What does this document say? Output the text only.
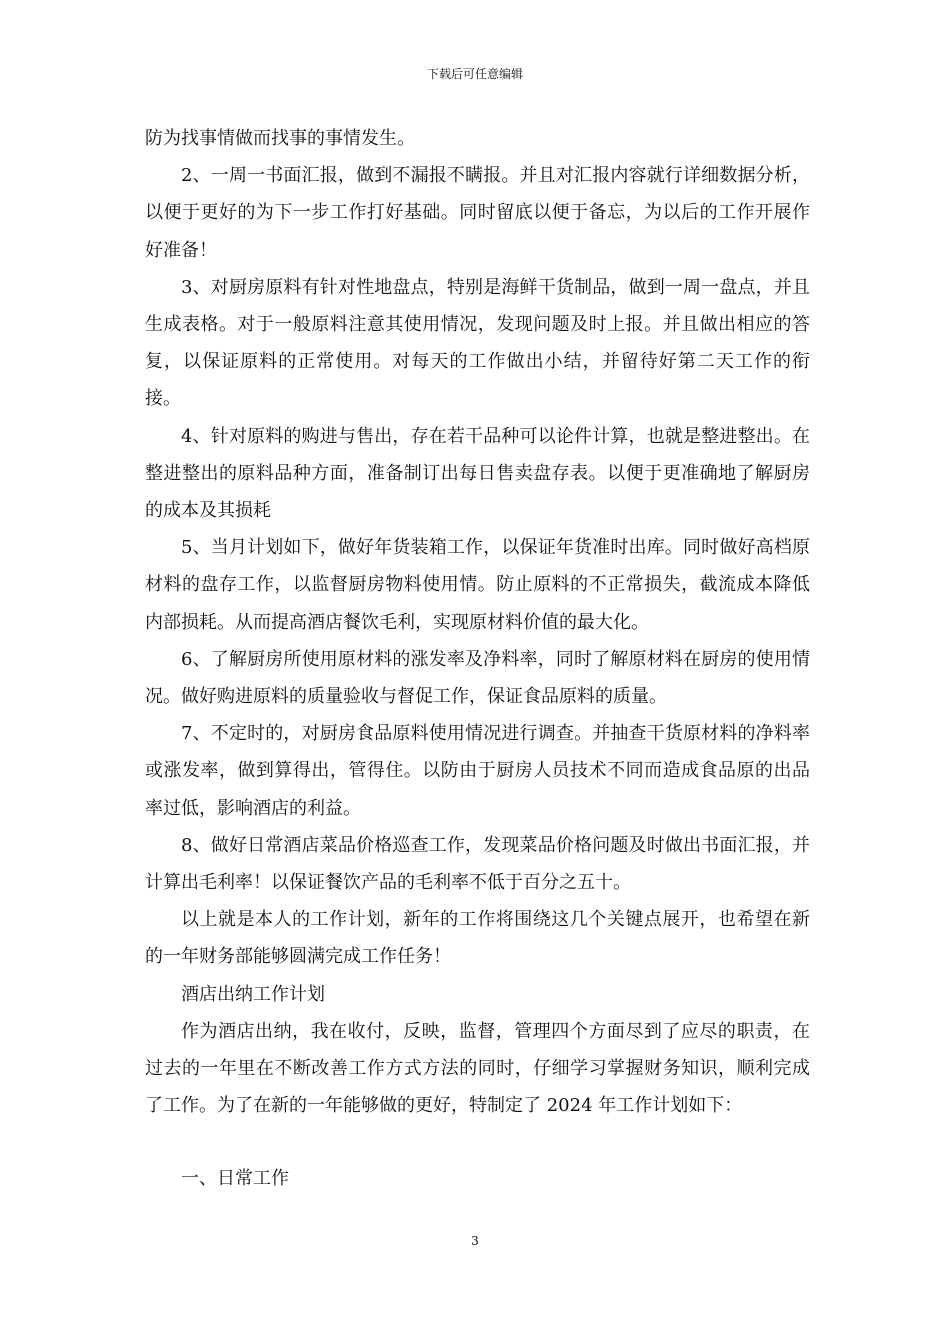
下载后可任意编辑

防为找事情做而找事的事情发生。

2、一周一书面汇报，做到不漏报不瞒报。并且对汇报内容就行详细数据分析，以便于更好的为下一步工作打好基础。同时留底以便于备忘，为以后的工作开展作好准备！

3、对厨房原料有针对性地盘点，特别是海鲜干货制品，做到一周一盘点，并且生成表格。对于一般原料注意其使用情况，发现问题及时上报。并且做出相应的答复，以保证原料的正常使用。对每天的工作做出小结，并留待好第二天工作的衔接。

4、针对原料的购进与售出，存在若干品种可以论件计算，也就是整进整出。在整进整出的原料品种方面，准备制订出每日售卖盘存表。以便于更准确地了解厨房的成本及其损耗

5、当月计划如下，做好年货装箱工作，以保证年货准时出库。同时做好高档原材料的盘存工作，以监督厨房物料使用情。防止原料的不正常损失，截流成本降低内部损耗。从而提高酒店餐饮毛利，实现原材料价值的最大化。

6、了解厨房所使用原材料的涨发率及净料率，同时了解原材料在厨房的使用情况。做好购进原料的质量验收与督促工作，保证食品原料的质量。

7、不定时的，对厨房食品原料使用情况进行调查。并抽查干货原材料的净料率或涨发率，做到算得出，管得住。以防由于厨房人员技术不同而造成食品原的出品率过低，影响酒店的利益。

8、做好日常酒店菜品价格巡查工作，发现菜品价格问题及时做出书面汇报，并计算出毛利率！以保证餐饮产品的毛利率不低于百分之五十。

以上就是本人的工作计划，新年的工作将围绕这几个关键点展开，也希望在新的一年财务部能够圆满完成工作任务！

酒店出纳工作计划

作为酒店出纳，我在收付，反映，监督，管理四个方面尽到了应尽的职责，在过去的一年里在不断改善工作方式方法的同时，仔细学习掌握财务知识，顺利完成了工作。为了在新的一年能够做的更好，特制定了 2024 年工作计划如下：

一、日常工作

3
